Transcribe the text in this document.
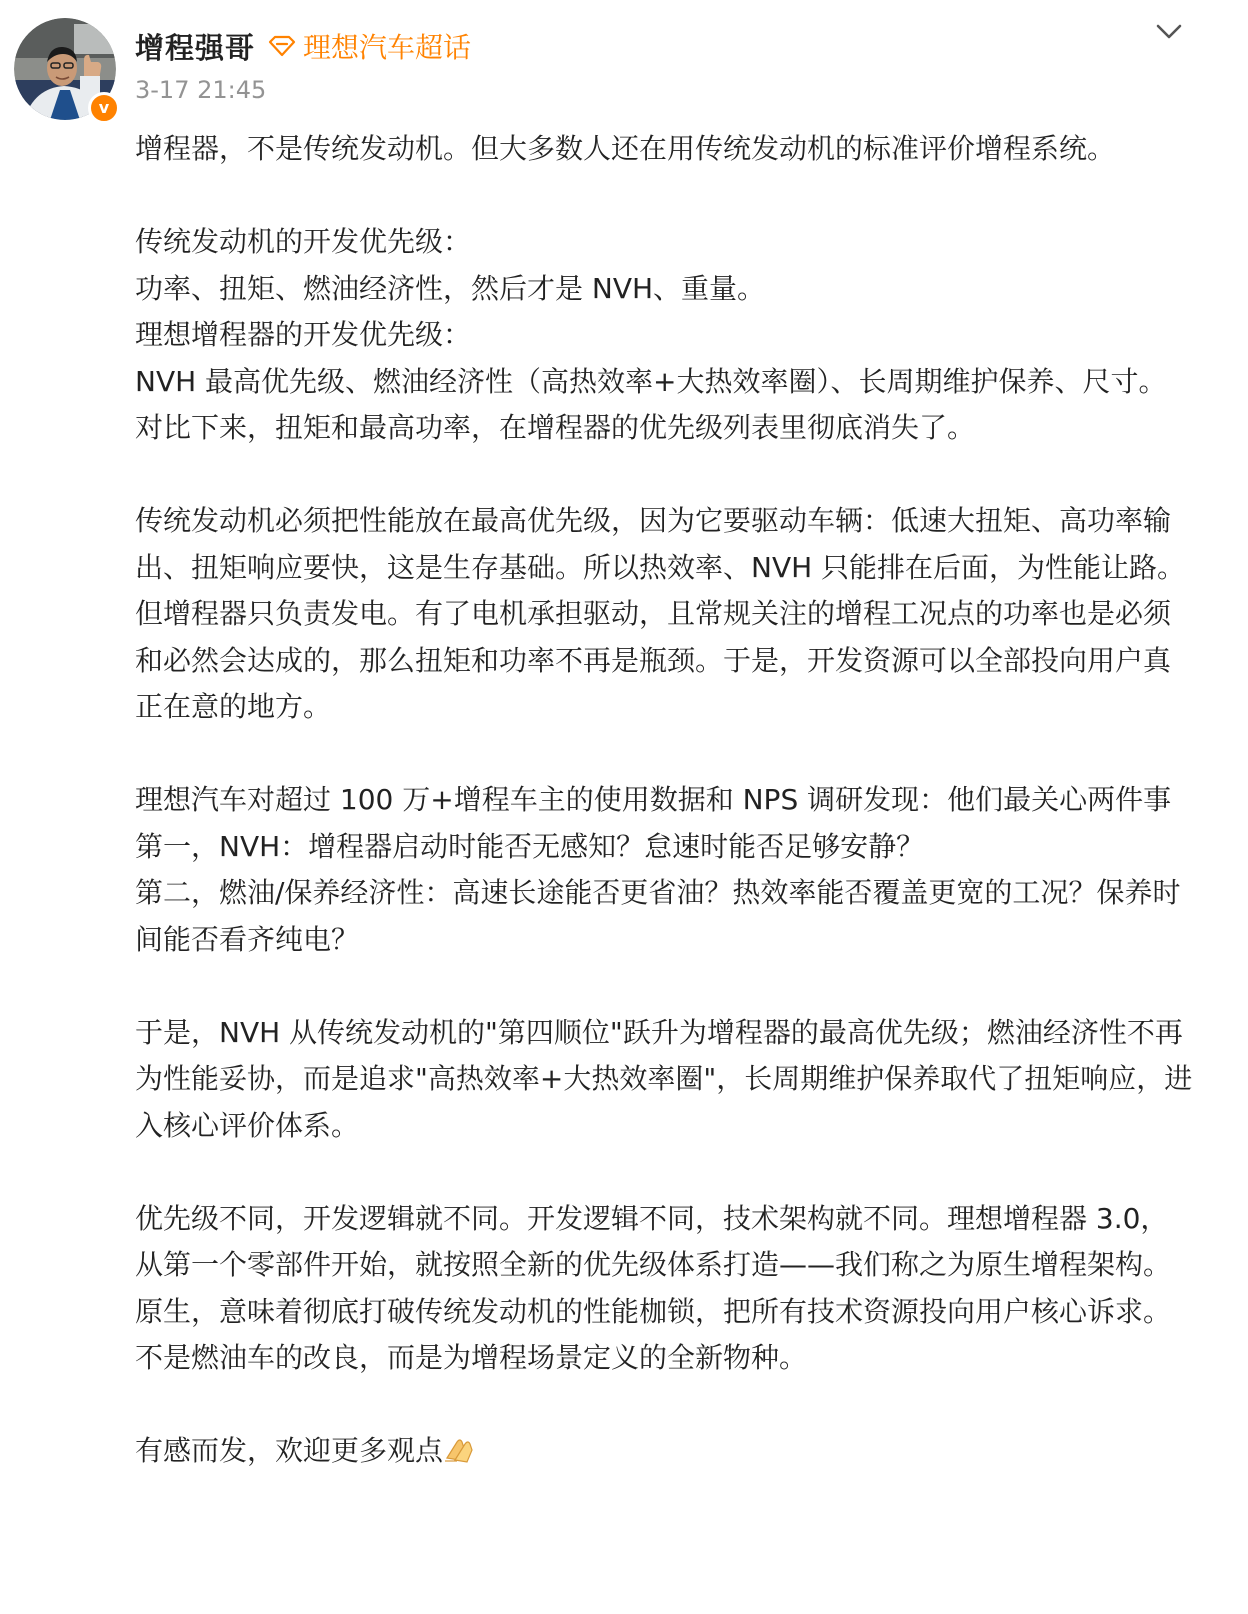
v
增程强哥 理想汽车超话
3-17 21:45

增程器，不是传统发动机。但大多数人还在用传统发动机的标准评价增程系统。

传统发动机的开发优先级：

功率、扭矩、燃油经济性，然后才是 NVH、重量。

理想增程器的开发优先级：

NVH 最高优先级、燃油经济性（高热效率+大热效率圈）、长周期维护保养、尺寸。

对比下来，扭矩和最高功率，在增程器的优先级列表里彻底消失了。

传统发动机必须把性能放在最高优先级，因为它要驱动车辆：低速大扭矩、高功率输出、扭矩响应要快，这是生存基础。所以热效率、NVH 只能排在后面，为性能让路。但增程器只负责发电。有了电机承担驱动，且常规关注的增程工况点的功率也是必须和必然会达成的，那么扭矩和功率不再是瓶颈。于是，开发资源可以全部投向用户真正在意的地方。

理想汽车对超过 100 万+增程车主的使用数据和 NPS 调研发现：他们最关心两件事

第一，NVH：增程器启动时能否无感知？怠速时能否足够安静？

第二，燃油/保养经济性：高速长途能否更省油？热效率能否覆盖更宽的工况？保养时间能否看齐纯电？

于是，NVH 从传统发动机的"第四顺位"跃升为增程器的最高优先级；燃油经济性不再为性能妥协，而是追求"高热效率+大热效率圈"，长周期维护保养取代了扭矩响应，进入核心评价体系。

优先级不同，开发逻辑就不同。开发逻辑不同，技术架构就不同。理想增程器 3.0，从第一个零部件开始，就按照全新的优先级体系打造——我们称之为原生增程架构。原生，意味着彻底打破传统发动机的性能枷锁，把所有技术资源投向用户核心诉求。不是燃油车的改良，而是为增程场景定义的全新物种。

有感而发，欢迎更多观点
